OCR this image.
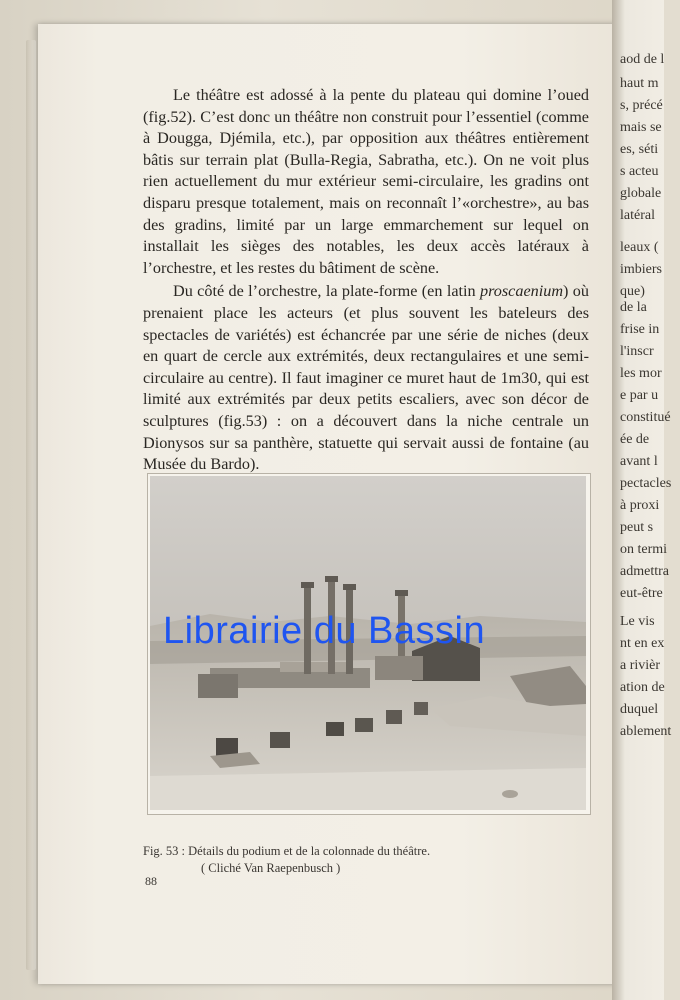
aod de l
haut m
s, précé
mais se
es, séti
s acteu
globale
latéral
leaux (
imbiers
que)
de la
frise in
l'inscr
les mor
e par u
constitué
ée de
avant l
pectacles
à proxi
peut s
on termi
admettra
eut-être
Le vis
nt en ex
a rivièr
ation de
duquel
ablement

Le théâtre est adossé à la pente du plateau qui domine l’oued (fig.52). C’est donc un théâtre non construit pour l’essentiel (comme à Dougga, Djémila, etc.), par opposition aux théâtres entièrement bâtis sur terrain plat (Bulla-Regia, Sabratha, etc.). On ne voit plus rien actuellement du mur extérieur semi-circulaire, les gradins ont disparu presque totalement, mais on reconnaît l’«orchestre», au bas des gradins, limité par un large emmarchement sur lequel on installait les sièges des notables, les deux accès latéraux à l’orchestre, et les restes du bâtiment de scène.

Du côté de l’orchestre, la plate-forme (en latin proscaenium) où prenaient place les acteurs (et plus souvent les bateleurs des spectacles de variétés) est échancrée par une série de niches (deux en quart de cercle aux extrémités, deux rectangulaires et une semi-circulaire au centre). Il faut imaginer ce muret haut de 1m30, qui est limité aux extrémités par deux petits escaliers, avec son décor de sculptures (fig.53) : on a découvert dans la niche centrale un Dionysos sur sa panthère, statuette qui servait aussi de fontaine (au Musée du Bardo).

Librairie du Bassin
Fig. 53 : Détails du podium et de la colonnade du théâtre.
( Cliché Van Raepenbusch )
88
